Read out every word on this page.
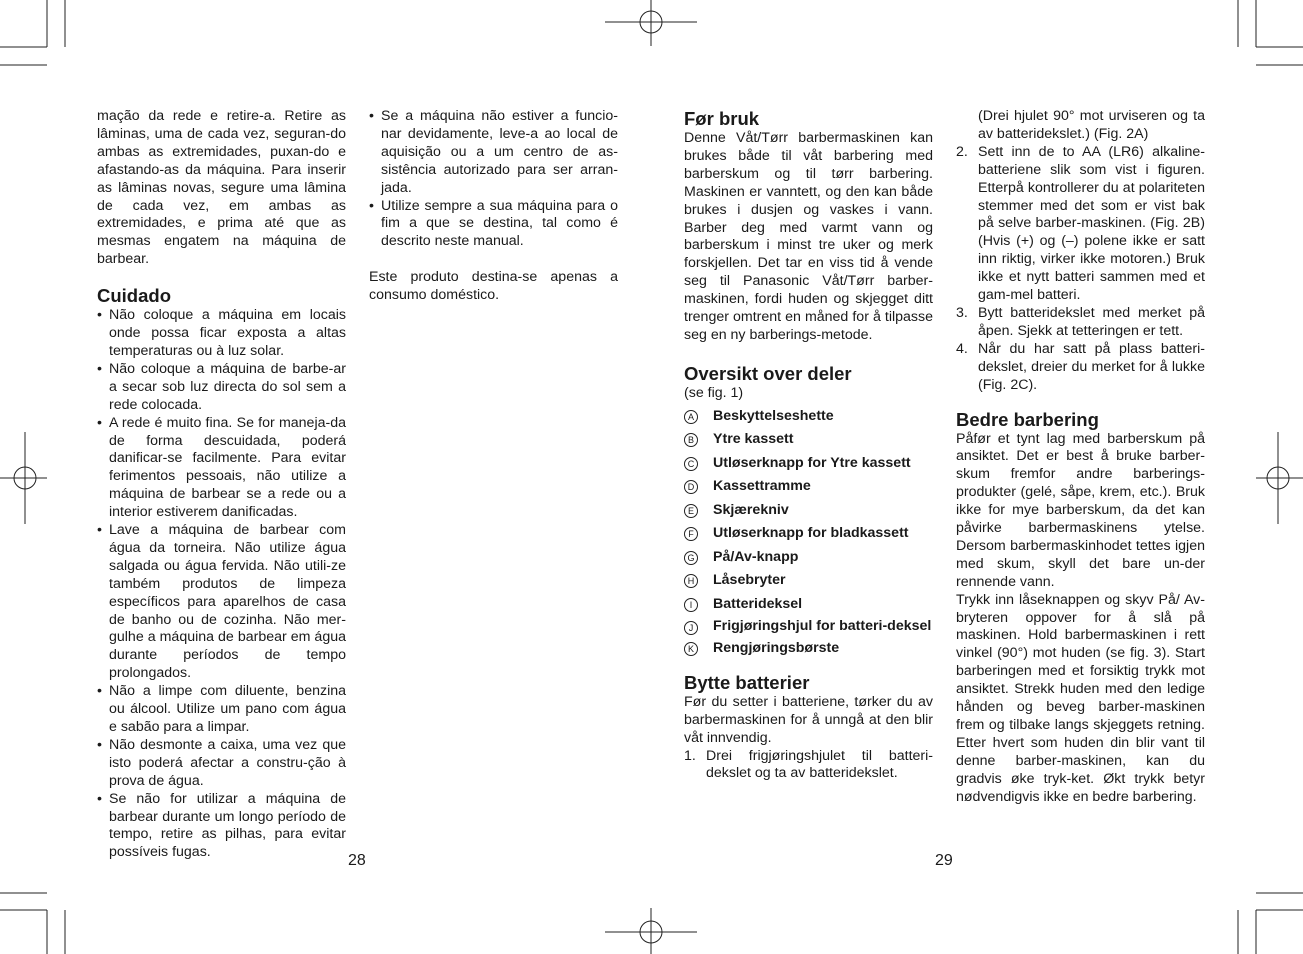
mação da rede e retire-a. Retire as lâminas, uma de cada vez, seguran-do ambas as extremidades, puxan-do e afastando-as da máquina. Para inserir as lâminas novas, segure uma lâmina de cada vez, em ambas as extremidades, e prima até que as mesmas engatem na máquina de barbear.

Cuidado
• Não coloque a máquina em locais onde possa ficar exposta a altas temperaturas ou à luz solar.
• Não coloque a máquina de barbe-ar a secar sob luz directa do sol sem a rede colocada.
• A rede é muito fina. Se for maneja-da de forma descuidada, poderá danificar-se facilmente. Para evitar ferimentos pessoais, não utilize a máquina de barbear se a rede ou a interior estiverem danificadas.
• Lave a máquina de barbear com água da torneira. Não utilize água salgada ou água fervida. Não utili-ze também produtos de limpeza específicos para aparelhos de casa de banho ou de cozinha. Não mer-gulhe a máquina de barbear em água durante períodos de tempo prolongados.
• Não a limpe com diluente, benzina ou álcool. Utilize um pano com água e sabão para a limpar.
• Não desmonte a caixa, uma vez que isto poderá afectar a constru-ção à prova de água.
• Se não for utilizar a máquina de barbear durante um longo período de tempo, retire as pilhas, para evitar possíveis fugas.
• Se a máquina não estiver a funcio-nar devidamente, leve-a ao local de aquisição ou a um centro de as-sistência autorizado para ser arran-jada.
• Utilize sempre a sua máquina para o fim a que se destina, tal como é descrito neste manual.

Este produto destina-se apenas a consumo doméstico.

28
Før bruk

Denne Våt/Tørr barbermaskinen kan brukes både til våt barbering med barberskum og til tørr barbering. Maskinen er vanntett, og den kan både brukes i dusjen og vaskes i vann. Barber deg med varmt vann og barberskum i minst tre uker og merk forskjellen. Det tar en viss tid å vende seg til Panasonic Våt/Tørr barber-maskinen, fordi huden og skjegget ditt trenger omtrent en måned for å tilpasse seg en ny barberings-metode.

Oversikt over deler

(se fig. 1)

A Beskyttelseshette
B Ytre kassett
C Utløserknapp for Ytre kassett
D Kassettramme
E Skjærekniv
F Utløserknapp for bladkassett
G På/Av-knapp
H Låsebryter
I	Batterideksel
J	Frigjøringshjul for batteri-deksel
K Rengjøringsbørste
Bytte batterier

Før du setter i batteriene, tørker du av barbermaskinen for å unngå at den blir våt innvendig.

1. Drei frigjøringshjulet til batteri-dekslet og ta av batteridekslet.
(Drei hjulet 90° mot urviseren og ta av batteridekslet.) (Fig. 2A)
2. Sett inn de to AA (LR6) alkaline-batteriene slik som vist i figuren. Etterpå kontrollerer du at polariteten stemmer med det som er vist bak på selve barber-maskinen. (Fig. 2B) (Hvis (+) og (–) polene ikke er satt inn riktig, virker ikke motoren.) Bruk ikke et nytt batteri sammen med et gam-mel batteri.
3. Bytt batteridekslet med merket på åpen. Sjekk at tetteringen er tett.
4. Når du har satt på plass batteri-dekslet, dreier du merket for å lukke (Fig. 2C).
Bedre barbering

Påfør et tynt lag med barberskum på ansiktet. Det er best å bruke barber-skum fremfor andre barberings-produkter (gelé, såpe, krem, etc.). Bruk ikke for mye barberskum, da det kan påvirke barbermaskinens ytelse. Dersom barbermaskinhodet tettes igjen med skum, skyll det bare un-der rennende vann.

Trykk inn låseknappen og skyv På/ Av-bryteren oppover for å slå på maskinen. Hold barbermaskinen i rett vinkel (90°) mot huden (se fig. 3). Start barberingen med et forsiktig trykk mot ansiktet. Strekk huden med den ledige hånden og beveg barber-maskinen frem og tilbake langs skjeggets retning. Etter hvert som huden din blir vant til denne barber-maskinen, kan du gradvis øke tryk-ket. Økt trykk betyr nødvendigvis ikke en bedre barbering.

29
